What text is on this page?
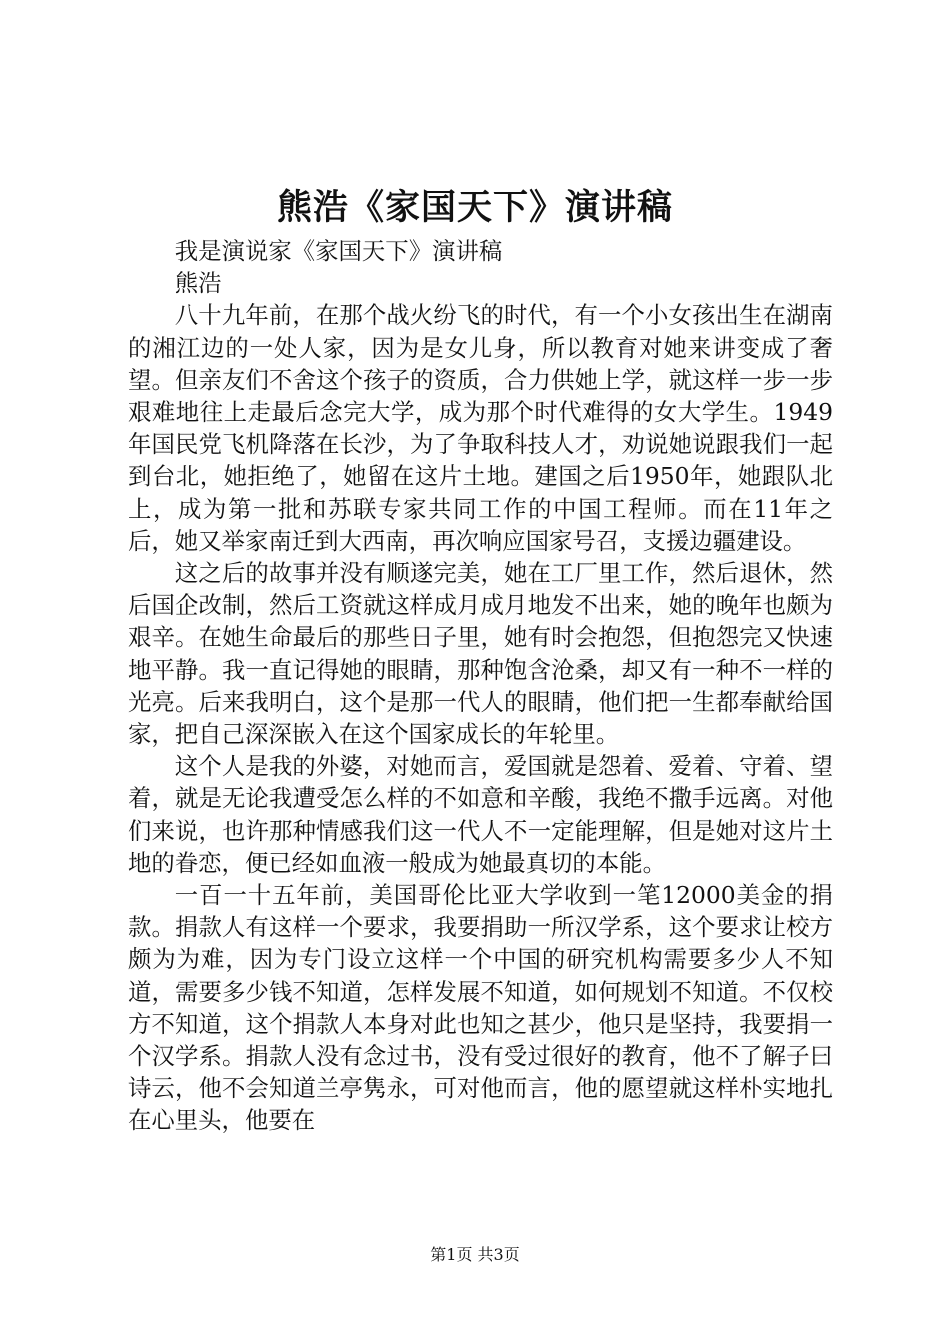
熊浩《家国天下》演讲稿

我是演说家《家国天下》演讲稿

熊浩

八十九年前，在那个战火纷飞的时代，有一个小女孩出生在湖南的湘江边的一处人家，因为是女儿身，所以教育对她来讲变成了奢望。但亲友们不舍这个孩子的资质，合力供她上学，就这样一步一步艰难地往上走最后念完大学，成为那个时代难得的女大学生。1949年国民党飞机降落在长沙，为了争取科技人才，劝说她说跟我们一起到台北，她拒绝了，她留在这片土地。建国之后1950年，她跟队北上，成为第一批和苏联专家共同工作的中国工程师。而在11年之后，她又举家南迁到大西南，再次响应国家号召，支援边疆建设。

这之后的故事并没有顺遂完美，她在工厂里工作，然后退休，然后国企改制，然后工资就这样成月成月地发不出来，她的晚年也颇为艰辛。在她生命最后的那些日子里，她有时会抱怨，但抱怨完又快速地平静。我一直记得她的眼睛，那种饱含沧桑，却又有一种不一样的光亮。后来我明白，这个是那一代人的眼睛，他们把一生都奉献给国家，把自己深深嵌入在这个国家成长的年轮里。

这个人是我的外婆，对她而言，爱国就是怨着、爱着、守着、望着，就是无论我遭受怎么样的不如意和辛酸，我绝不撒手远离。对他们来说，也许那种情感我们这一代人不一定能理解，但是她对这片土地的眷恋，便已经如血液一般成为她最真切的本能。

一百一十五年前，美国哥伦比亚大学收到一笔12000美金的捐款。捐款人有这样一个要求，我要捐助一所汉学系，这个要求让校方颇为为难，因为专门设立这样一个中国的研究机构需要多少人不知道，需要多少钱不知道，怎样发展不知道，如何规划不知道。不仅校方不知道，这个捐款人本身对此也知之甚少，他只是坚持，我要捐一个汉学系。捐款人没有念过书，没有受过很好的教育，他不了解子曰诗云，他不会知道兰亭隽永，可对他而言，他的愿望就这样朴实地扎在心里头，他要在

第1页 共3页
